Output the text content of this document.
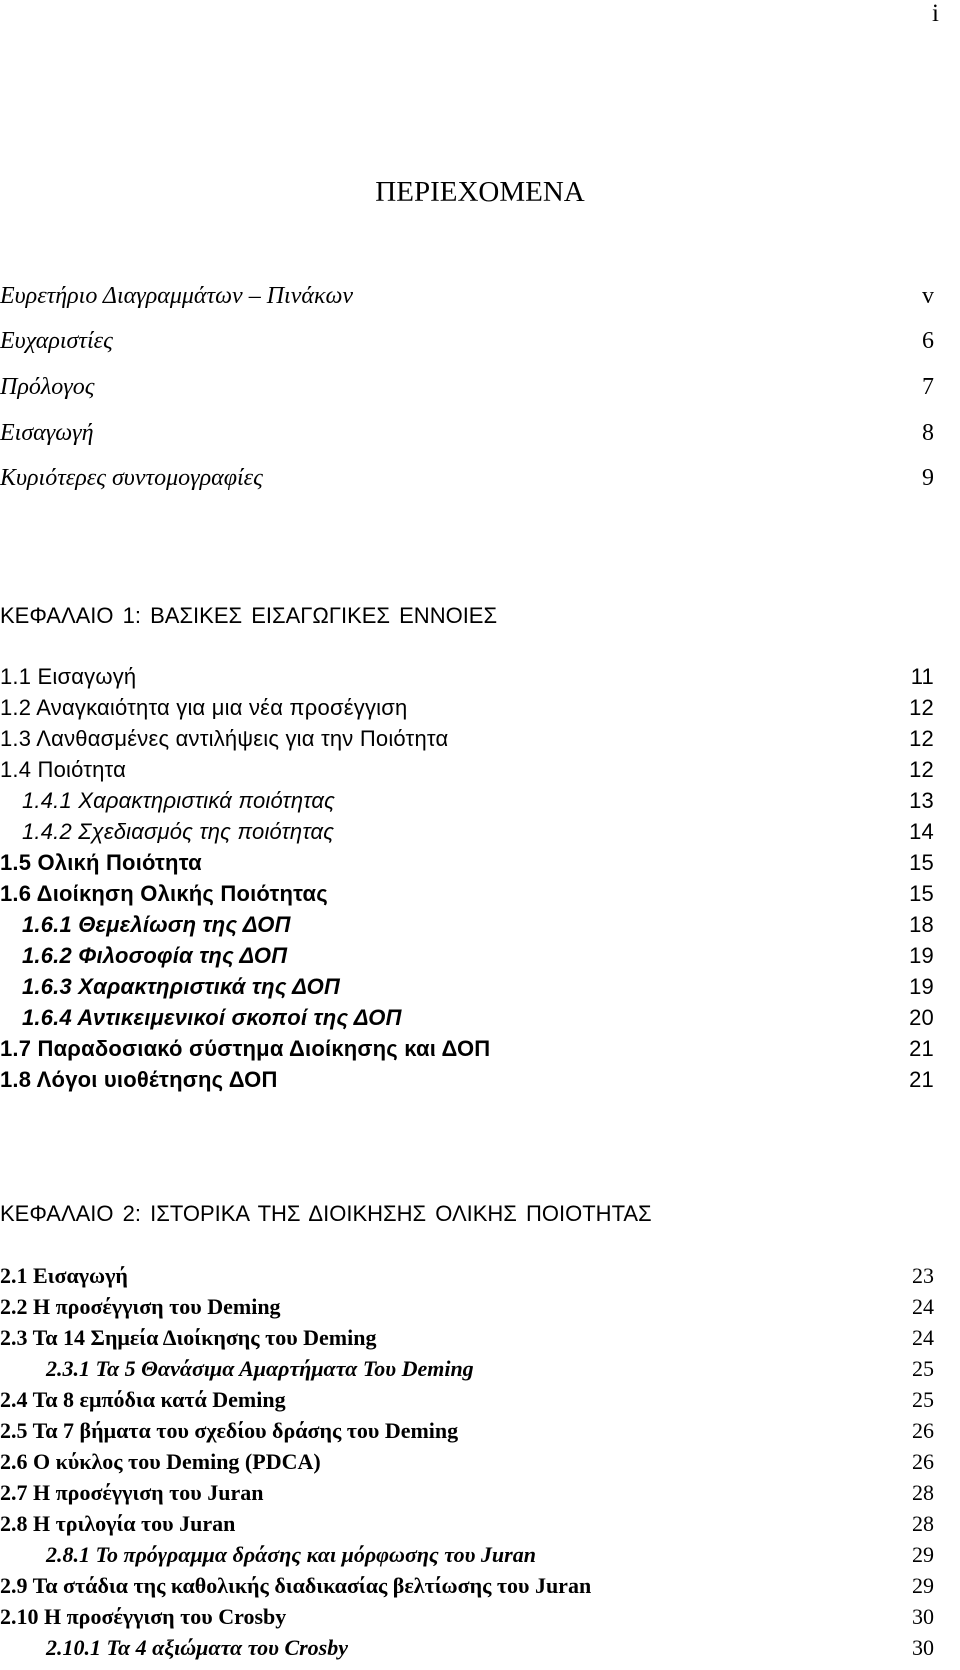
i
ΠΕΡΙΕΧΟΜΕΝΑ
Ευρετήριο Διαγραμμάτων – Πινάκων	v
Ευχαριστίες	6
Πρόλογος	7
Εισαγωγή	8
Κυριότερες συντομογραφίες	9
ΚΕΦΑΛΑΙΟ 1: ΒΑΣΙΚΕΣ ΕΙΣΑΓΩΓΙΚΕΣ ΕΝΝΟΙΕΣ
1.1 Εισαγωγή	11
1.2 Αναγκαιότητα για μια νέα προσέγγιση	12
1.3 Λανθασμένες αντιλήψεις για την Ποιότητα	12
1.4 Ποιότητα	12
1.4.1 Χαρακτηριστικά ποιότητας	13
1.4.2 Σχεδιασμός της ποιότητας	14
1.5 Ολική Ποιότητα	15
1.6 Διοίκηση Ολικής Ποιότητας	15
1.6.1 Θεμελίωση της ΔΟΠ	18
1.6.2 Φιλοσοφία της ΔΟΠ	19
1.6.3 Χαρακτηριστικά της ΔΟΠ	19
1.6.4 Αντικειμενικοί σκοποί της ΔΟΠ	20
1.7 Παραδοσιακό σύστημα Διοίκησης και ΔΟΠ	21
1.8 Λόγοι υιοθέτησης ΔΟΠ	21
ΚΕΦΑΛΑΙΟ 2: ΙΣΤΟΡΙΚΑ ΤΗΣ ΔΙΟΙΚΗΣΗΣ ΟΛΙΚΗΣ ΠΟΙΟΤΗΤΑΣ
2.1 Εισαγωγή	23
2.2 Η προσέγγιση του Deming	24
2.3 Τα 14 Σημεία Διοίκησης του Deming	24
2.3.1 Τα 5 Θανάσιμα Αμαρτήματα Του Deming	25
2.4 Τα 8 εμπόδια κατά Deming	25
2.5 Τα 7 βήματα του σχεδίου δράσης του Deming	26
2.6 Ο κύκλος του Deming (PDCA)	26
2.7 Η προσέγγιση του Juran	28
2.8 Η τριλογία του Juran	28
2.8.1 Το πρόγραμμα δράσης και μόρφωσης του Juran	29
2.9 Τα στάδια της καθολικής διαδικασίας βελτίωσης του Juran	29
2.10 Η προσέγγιση του Crosby	30
2.10.1 Τα 4 αξιώματα του Crosby	30
